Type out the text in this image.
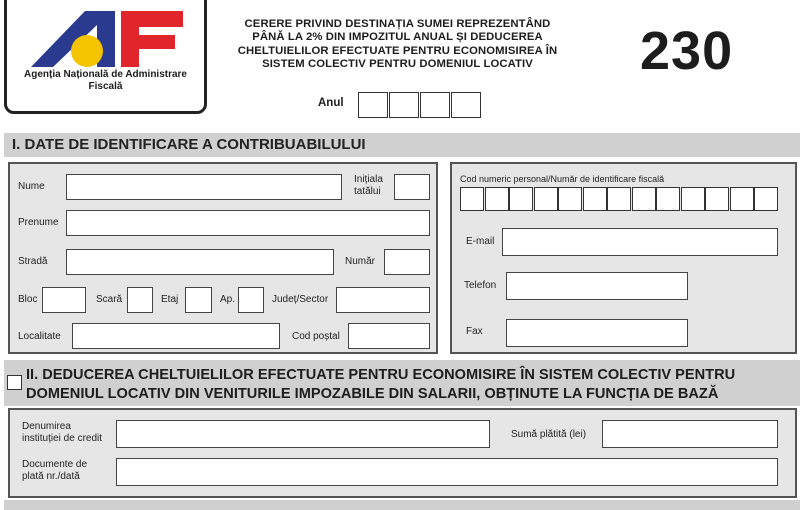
Agenția Națională de Administrare
Fiscală
CERERE PRIVIND DESTINAȚIA SUMEI REPREZENTÂND
PÂNĂ LA 2% DIN IMPOZITUL ANUAL ȘI DEDUCEREA
CHELTUIELILOR EFECTUATE PENTRU ECONOMISIREA ÎN
SISTEM COLECTIV PENTRU DOMENIUL LOCATIV	230
Anul
I. DATE DE IDENTIFICARE A CONTRIBUABILULUI
Nume
Inițiala
tatălui
Prenume
Stradă	Număr
Bloc	Scară	Etaj	Ap.	Județ/Sector
Localitate	Cod poștal
Cod numeric personal/Număr de identificare fiscală
E-mail
Telefon
Fax
II. DEDUCEREA CHELTUIELILOR EFECTUATE PENTRU ECONOMISIRE ÎN SISTEM COLECTIV PENTRU
DOMENIUL LOCATIV DIN VENITURILE IMPOZABILE DIN SALARII, OBȚINUTE LA FUNCȚIA DE BAZĂ
Denumirea
instituției de credit	Sumă plătită (lei)
Documente de
plată nr./dată
